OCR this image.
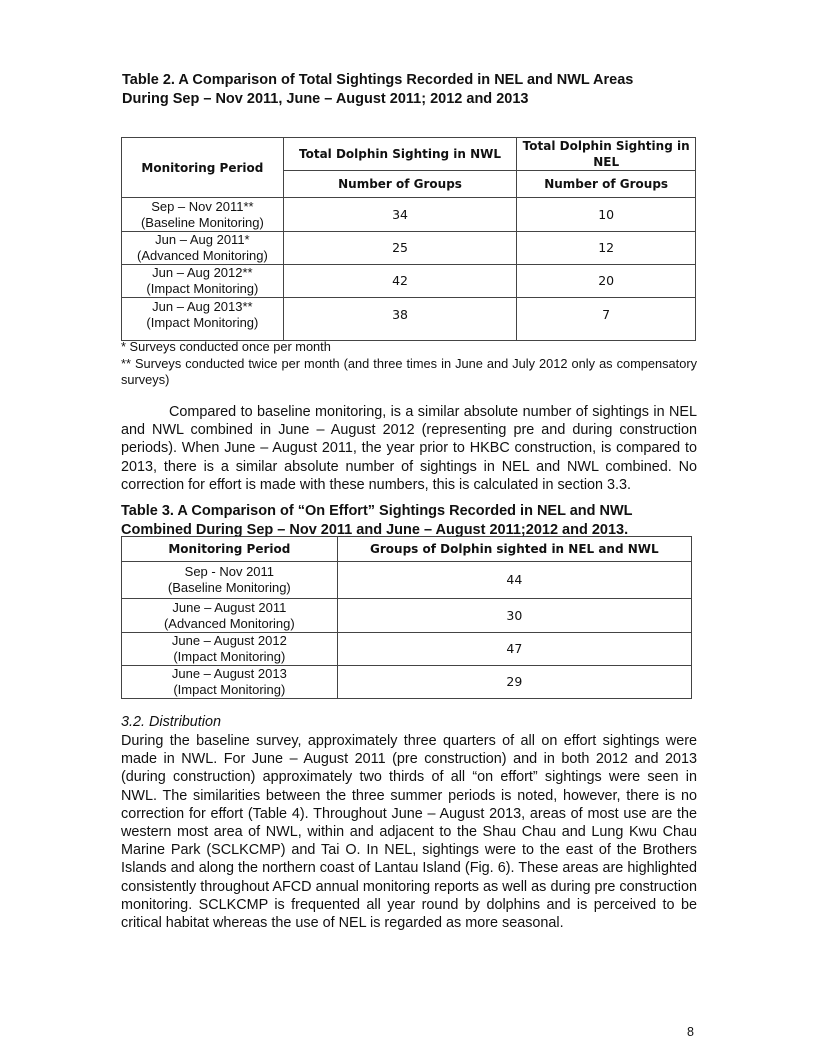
Table 2. A Comparison of Total Sightings Recorded in NEL and NWL Areas
During Sep – Nov 2011, June – August 2011; 2012 and 2013
Monitoring Period	Total Dolphin Sighting in NWL	Total Dolphin Sighting in NEL
	Number of Groups	Number of Groups

Sep – Nov 2011**
(Baseline Monitoring)	34	10

Jun – Aug 2011*
(Advanced Monitoring)	25	12

Jun – Aug 2012**
(Impact Monitoring)	42	20

Jun – Aug 2013**
(Impact Monitoring)	38	7
* Surveys conducted once per month
** Surveys conducted twice per month (and three times in June and July 2012 only as compensatory surveys)
Compared to baseline monitoring, is a similar absolute number of sightings in NEL and NWL combined in June – August 2012 (representing pre and during construction periods). When June – August 2011, the year prior to HKBC construction, is compared to 2013, there is a similar absolute number of sightings in NEL and NWL combined. No correction for effort is made with these numbers, this is calculated in section 3.3.
Table 3. A Comparison of “On Effort” Sightings Recorded in NEL and NWL
Combined During Sep – Nov 2011 and June – August 2011;2012 and 2013.
Monitoring Period	Groups of Dolphin sighted in NEL and NWL

Sep - Nov 2011
(Baseline Monitoring)	44

June – August 2011
(Advanced Monitoring)	30

June – August 2012
(Impact Monitoring)	47

June – August 2013
(Impact Monitoring)	29
3.2. Distribution
During the baseline survey, approximately three quarters of all on effort sightings were made in NWL. For June – August 2011 (pre construction) and in both 2012 and 2013 (during construction) approximately two thirds of all “on effort” sightings were seen in NWL. The similarities between the three summer periods is noted, however, there is no correction for effort (Table 4). Throughout June – August 2013, areas of most use are the western most area of NWL, within and adjacent to the Shau Chau and Lung Kwu Chau Marine Park (SCLKCMP) and Tai O. In NEL, sightings were to the east of the Brothers Islands and along the northern coast of Lantau Island (Fig. 6). These areas are highlighted consistently throughout AFCD annual monitoring reports as well as during pre construction monitoring. SCLKCMP is frequented all year round by dolphins and is perceived to be critical habitat whereas the use of NEL is regarded as more seasonal.
8
